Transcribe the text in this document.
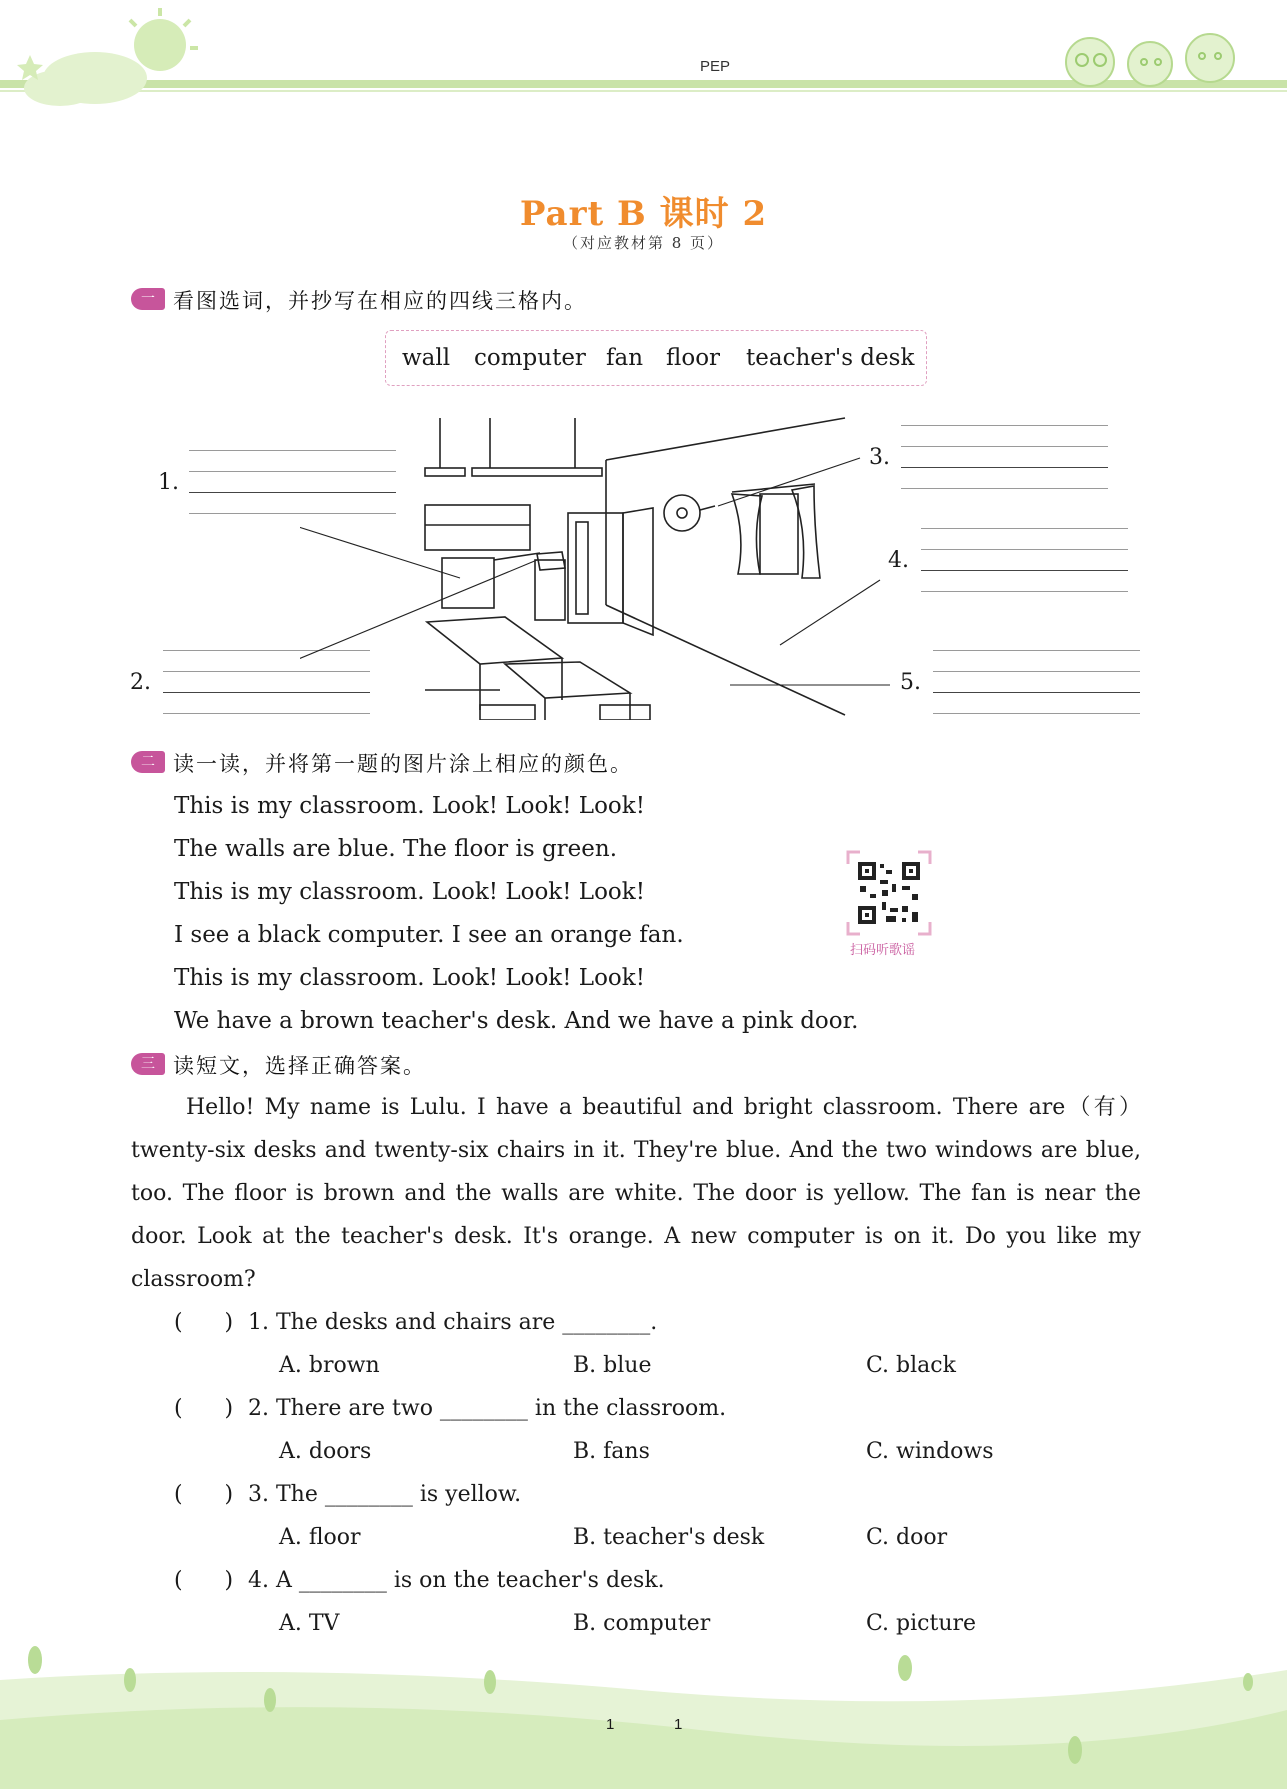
PEP
Part B 课时 2
（对应教材第 8 页）
一 看图选词，并抄写在相应的四线三格内。
wall computer fan floor teacher's desk
1.
2.
3.
4.
5.
二 读一读，并将第一题的图片涂上相应的颜色。
This is my classroom. Look! Look! Look!
The walls are blue. The floor is green.
This is my classroom. Look! Look! Look!
I see a black computer. I see an orange fan.
This is my classroom. Look! Look! Look!
We have a brown teacher's desk. And we have a pink door.
扫码听歌谣
三 读短文，选择正确答案。

Hello! My name is Lulu. I have a beautiful and bright classroom. There are（有）twenty-six desks and twenty-six chairs in it. They're blue. And the two windows are blue, too. The floor is brown and the walls are white. The door is yellow. The fan is near the door. Look at the teacher's desk. It's orange. A new computer is on it. Do you like my classroom?

(      ) 1. The desks and chairs are ________.
A. brown	B. blue	C. black
(      ) 2. There are two ________ in the classroom.
A. doors	B. fans	C. windows
(      ) 3. The ________ is yellow.
A. floor	B. teacher's desk	C. door
(      ) 4. A ________ is on the teacher's desk.
A. TV	B. computer	C. picture
1	1
